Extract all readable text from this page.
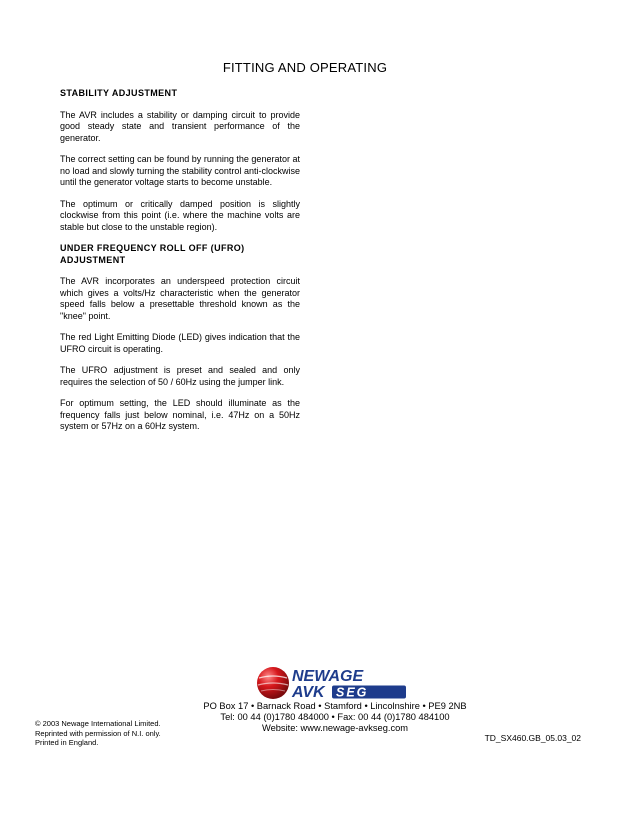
FITTING AND OPERATING
STABILITY ADJUSTMENT

The AVR includes a stability or damping circuit to provide good steady state and transient performance of the generator.

The correct setting can be found by running the generator at no load and slowly turning the stability control anti-clockwise until the generator voltage starts to become unstable.

The optimum or critically damped position is slightly clockwise from this point (i.e. where the machine volts are stable but close to the unstable region).

UNDER FREQUENCY ROLL OFF (UFRO)
ADJUSTMENT

The AVR incorporates an underspeed protection circuit which gives a volts/Hz characteristic when the generator speed falls below a presettable threshold known as the "knee" point.

The red Light Emitting Diode (LED) gives indication that the UFRO circuit is operating.

The UFRO adjustment is preset and sealed and only requires the selection of 50 / 60Hz using the jumper link.

For optimum setting, the LED should illuminate as the frequency falls just below nominal, i.e. 47Hz on a 50Hz system or 57Hz on a 60Hz system.

NEWAGE
AVK SEG
PO Box 17 • Barnack Road • Stamford • Lincolnshire • PE9 2NB
Tel: 00 44 (0)1780 484000 • Fax: 00 44 (0)1780 484100
Website: www.newage-avkseg.com
© 2003 Newage International Limited.
Reprinted with permission of N.I. only.
Printed in England.	TD_SX460.GB_05.03_02
